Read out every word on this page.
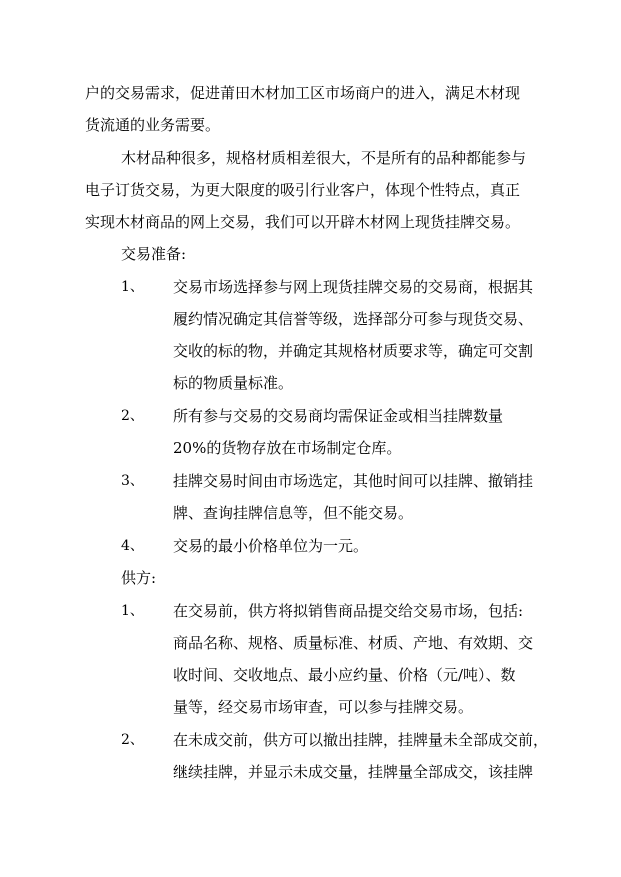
户的交易需求，促进莆田木材加工区市场商户的进入，满足木材现
货流通的业务需要。
木材品种很多，规格材质相差很大，不是所有的品种都能参与
电子订货交易，为更大限度的吸引行业客户，体现个性特点，真正
实现木材商品的网上交易，我们可以开辟木材网上现货挂牌交易。
交易准备:
1、 交易市场选择参与网上现货挂牌交易的交易商，根据其
履约情况确定其信誉等级，选择部分可参与现货交易、
交收的标的物，并确定其规格材质要求等，确定可交割
标的物质量标准。
2、 所有参与交易的交易商均需保证金或相当挂牌数量
20%的货物存放在市场制定仓库。
3、 挂牌交易时间由市场选定，其他时间可以挂牌、撤销挂
牌、查询挂牌信息等，但不能交易。
4、 交易的最小价格单位为一元。
供方:
1、 在交易前，供方将拟销售商品提交给交易市场，包括:
商品名称、规格、质量标准、材质、产地、有效期、交
收时间、交收地点、最小应约量、价格（元/吨）、数
量等，经交易市场审查，可以参与挂牌交易。
2、 在未成交前，供方可以撤出挂牌，挂牌量未全部成交前，
继续挂牌，并显示未成交量，挂牌量全部成交，该挂牌
